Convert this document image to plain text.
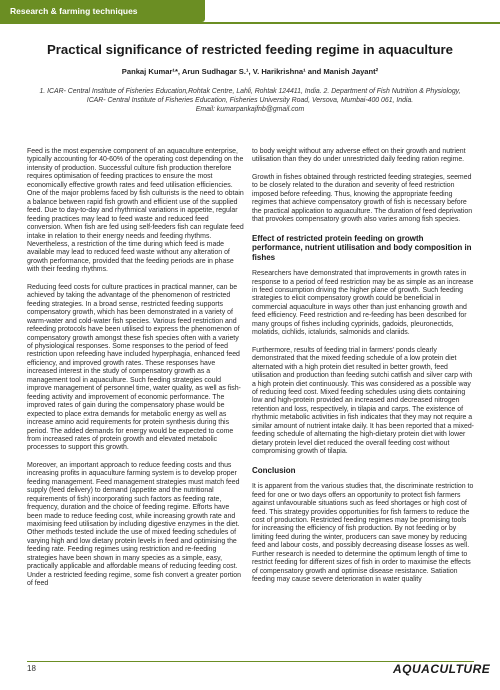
Research & farming techniques
Practical significance of restricted feeding regime in aquaculture
Pankaj Kumar¹*, Arun Sudhagar S.¹, V. Harikrishna¹ and Manish Jayant²
1. ICAR- Central Institute of Fisheries Education,Rohtak Centre, Lahli, Rohtak 124411, India. 2. Department of Fish Nutrition & Physiology, ICAR- Central Institute of Fisheries Education, Fisheries University Road, Versova, Mumbai-400 061, India.
Email: kumarpankajfnb@gmail.com

Feed is the most expensive component of an aquaculture enterprise, typically accounting for 40-60% of the operating cost depending on the intensity of production. Successful culture fish production therefore requires optimisation of feeding practices to ensure the most economically effective growth rates and feed utilisation efficiencies. One of the major problems faced by fish culturists is the need to obtain a balance between rapid fish growth and efficient use of the supplied feed. Due to day-to-day and rhythmical variations in appetite, regular feeding practices may lead to feed waste and reduced feed conversion. When fish are fed using self-feeders fish can regulate feed intake in relation to their energy needs and feeding rhythms. Nevertheless, a restriction of the time during which feed is made available may lead to reduced feed waste without any alteration of growth performance, provided that the feeding periods are in phase with their feeding rhythms.

Reducing feed costs for culture practices in practical manner, can be achieved by taking the advantage of the phenomenon of restricted feeding strategies. In a broad sense, restricted feeding supports compensatory growth, which has been demonstrated in a variety of warm-water and cold-water fish species. Various feed restriction and refeeding protocols have been utilised to express the phenomenon of compensatory growth amongst these fish species often with a variety of physiological responses. Some responses to the period of feed restriction upon refeeding have included hyperphagia, enhanced feed efficiency, and improved growth rates. These responses have increased interest in the study of compensatory growth as a management tool in aquaculture. Such feeding strategies could improve management of personnel time, water quality, as well as fish-feeding activity and improvement of economic performance. The improved rates of gain during the compensatory phase would be expected to place extra demands for metabolic energy as well as increase amino acid requirements for protein synthesis during this period. The added demands for energy would be expected to come from increased rates of protein growth and elevated metabolic processes to support this growth.

Moreover, an important approach to reduce feeding costs and thus increasing profits in aquaculture farming system is to develop proper feeding management. Feed management strategies must match feed supply (feed delivery) to demand (appetite and the nutritional requirements of fish) incorporating such factors as feeding rate, frequency, duration and the choice of feeding regime. Efforts have been made to reduce feeding cost, while increasing growth rate and maximising feed utilisation by including digestive enzymes in the diet. Other methods tested include the use of mixed feeding schedules of varying high and low dietary protein levels in feed and optimising the feeding rate. Feeding regimes using restriction and re-feeding strategies have been shown in many species as a simple, easy, practically applicable and affordable means of reducing feeding cost. Under a restricted feeding regime, some fish convert a greater portion of feed

to body weight without any adverse effect on their growth and nutrient utilisation than they do under unrestricted daily feeding ration regime.

Growth in fishes obtained through restricted feeding strategies, seemed to be closely related to the duration and severity of feed restriction imposed before refeeding. Thus, knowing the appropriate feeding regimes that achieve compensatory growth of fish is necessary before the practical application to aquaculture. The duration of feed deprivation that provokes compensatory growth also varies among fish species.

Effect of restricted protein feeding on growth performance, nutrient utilisation and body composition in fishes

Researchers have demonstrated that improvements in growth rates in response to a period of feed restriction may be as simple as an increase in feed consumption driving the higher plane of growth. Such feeding strategies to elicit compensatory growth could be beneficial in commercial aquaculture in ways other than just enhancing growth and feed efficiency. Feed restriction and re-feeding has been described for many groups of fishes including cyprinids, gadoids, pleuronectids, molatids, cichlids, ictalurids, salmonids and clariids.

Furthermore, results of feeding trial in farmers' ponds clearly demonstrated that the mixed feeding schedule of a low protein diet alternated with a high protein diet resulted in better growth, feed utilisation and production than feeding sutchi catfish and silver carp with a high protein diet continuously. This was considered as a possible way of reducing feed cost. Mixed feeding schedules using diets containing low and high-protein provided an increased and decreased nitrogen retention and loss, respectively, in tilapia and carps. The existence of rhythmic metabolic activities in fish indicates that they may not require a similar amount of nutrient intake daily. It has been reported that a mixed-feeding schedule of alternating the high-dietary protein diet with lower dietary protein level diet reduced the overall feeding cost without compromising growth of tilapia.

Conclusion

It is apparent from the various studies that, the discriminate restriction to feed for one or two days offers an opportunity to protect fish farmers against unfavourable situations such as feed shortages or high cost of feed. This strategy provides opportunities for fish farmers to reduce the cost of production. Restricted feeding regimes may be promising tools for increasing the efficiency of fish production. By not feeding or by limiting feed during the winter, producers can save money by reducing feed and labour costs, and possibly decreasing disease losses as well. Further research is needed to determine the optimum length of time to restrict feeding for different sizes of fish in order to maximise the effects of compensatory growth and optimise disease resistance. Satiation feeding may cause severe deterioration in water quality

18	AQUACULTURE
